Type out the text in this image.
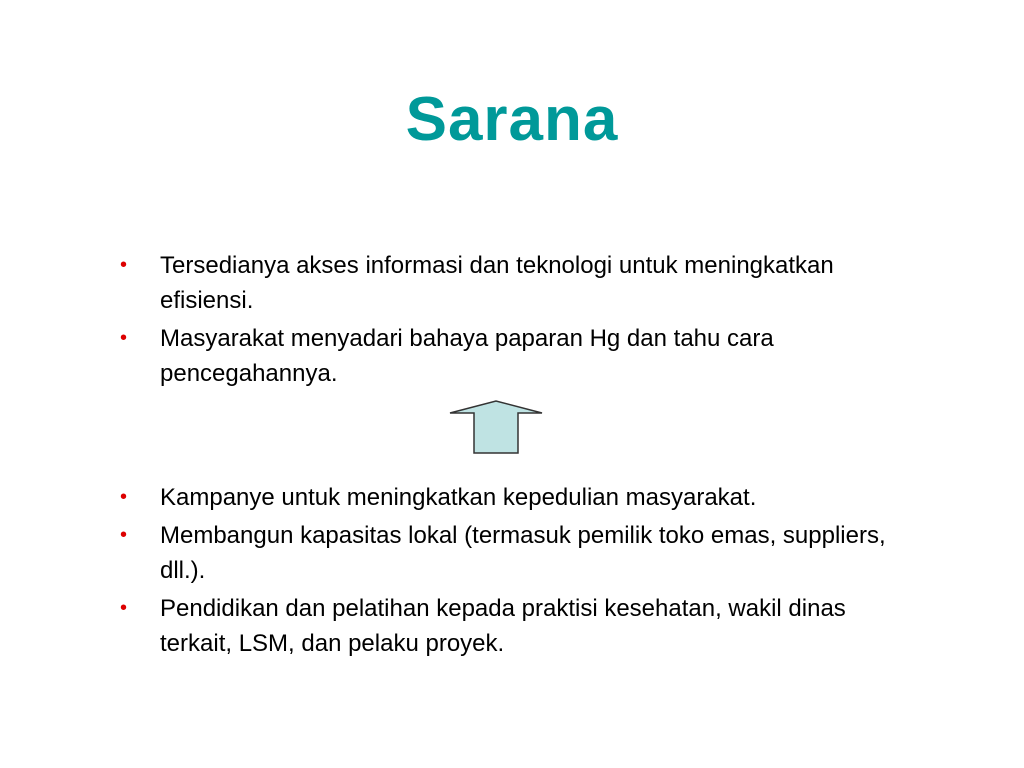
Sarana
• Tersedianya akses informasi dan teknologi untuk meningkatkan efisiensi.
• Masyarakat menyadari bahaya paparan Hg dan tahu cara pencegahannya.
• Kampanye untuk meningkatkan kepedulian masyarakat.
• Membangun kapasitas lokal (termasuk pemilik toko emas, suppliers, dll.).
• Pendidikan dan pelatihan kepada praktisi kesehatan, wakil dinas terkait, LSM, dan pelaku proyek.
